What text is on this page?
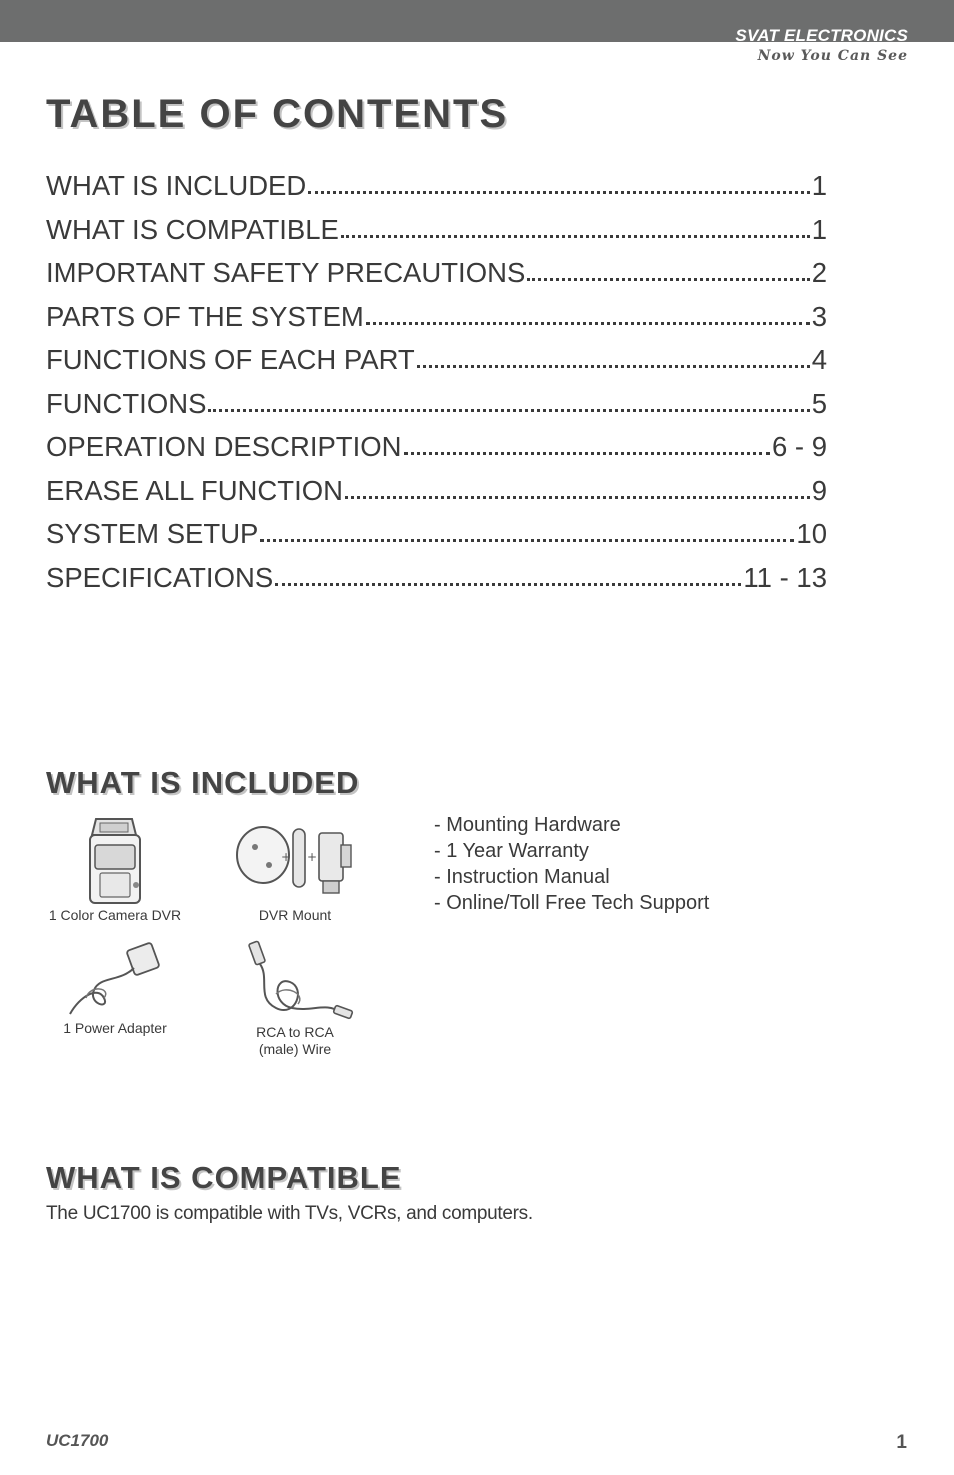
SVAT ELECTRONICS
Now You Can See
TABLE OF CONTENTS
WHAT IS INCLUDED	1
WHAT IS COMPATIBLE	1
IMPORTANT SAFETY PRECAUTIONS	2
PARTS OF THE SYSTEM	3
FUNCTIONS OF EACH PART	4
FUNCTIONS	5
OPERATION DESCRIPTION	6 - 9
ERASE ALL FUNCTION	9
SYSTEM SETUP	10
SPECIFICATIONS	11 - 13
WHAT IS INCLUDED
1 Color Camera DVR
+ +
DVR Mount
1 Power Adapter	RCA to RCA
(male) Wire
- Mounting Hardware
- 1 Year Warranty
- Instruction Manual
- Online/Toll Free Tech Support
WHAT IS COMPATIBLE

The UC1700 is compatible with TVs, VCRs, and computers.

UC1700	1
